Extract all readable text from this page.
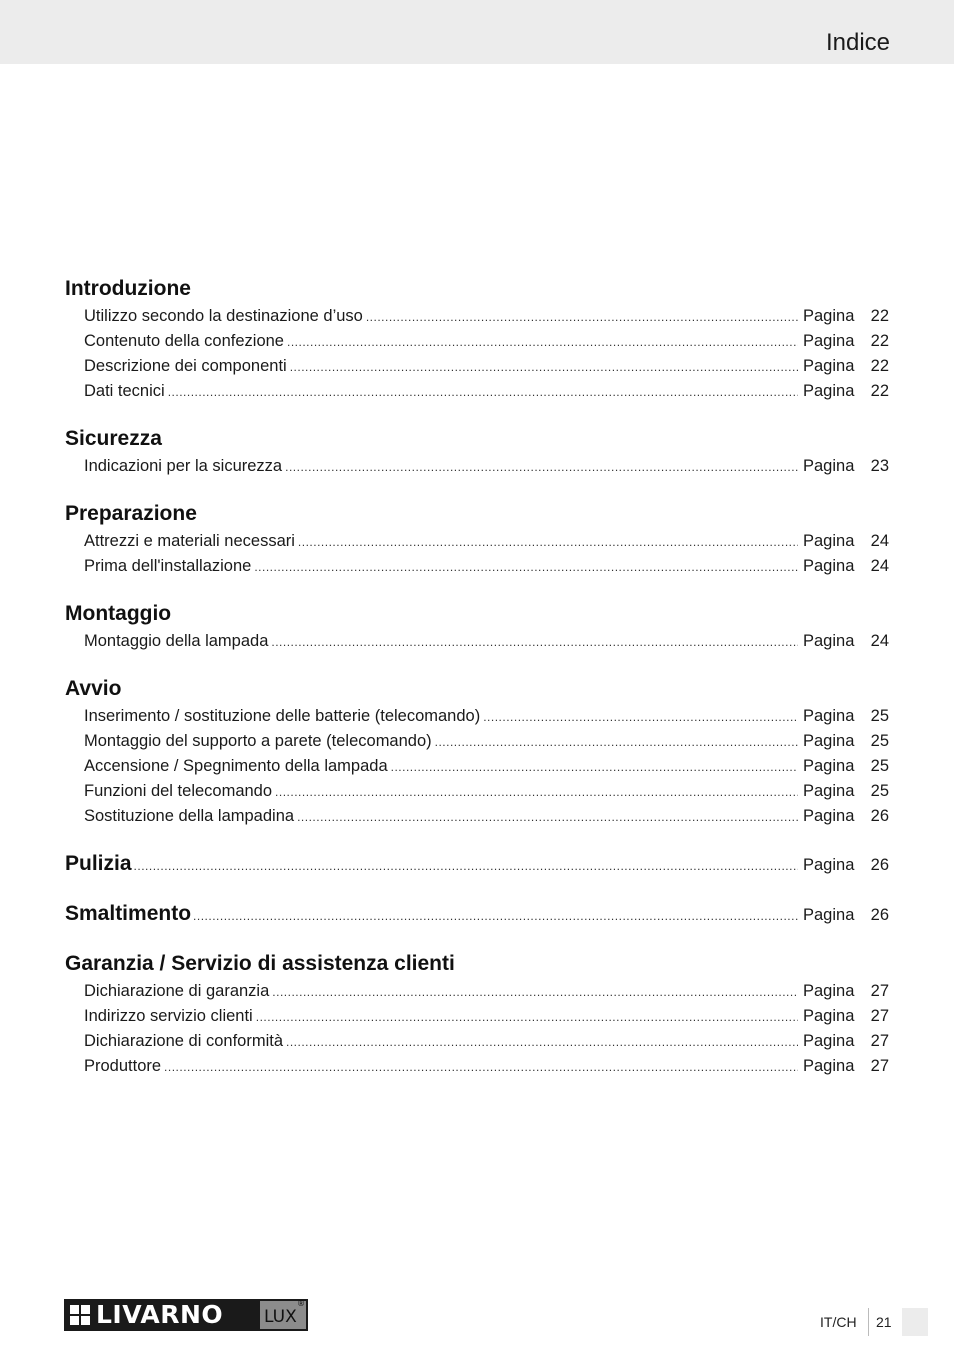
Indice
Introduzione
Utilizzo secondo la destinazione d’uso .....	Pagina 22
Contenuto della confezione .....	Pagina 22
Descrizione dei componenti .....	Pagina 22
Dati tecnici .....	Pagina 22
Sicurezza
Indicazioni per la sicurezza .....	Pagina 23
Preparazione
Attrezzi e materiali necessari .....	Pagina 24
Prima dell'installazione .....	Pagina 24
Montaggio
Montaggio della lampada .....	Pagina 24
Avvio
Inserimento / sostituzione delle batterie (telecomando) .....	Pagina 25
Montaggio del supporto a parete (telecomando) .....	Pagina 25
Accensione / Spegnimento della lampada .....	Pagina 25
Funzioni del telecomando .....	Pagina 25
Sostituzione della lampadina .....	Pagina 26
Pulizia .....	Pagina 26
Smaltimento .....	Pagina 26
Garanzia / Servizio di assistenza clienti
Dichiarazione di garanzia .....	Pagina 27
Indirizzo servizio clienti .....	Pagina 27
Dichiarazione di conformità .....	Pagina 27
Produttore .....	Pagina 27
LIVARNO LUX
®
IT/CH 21
